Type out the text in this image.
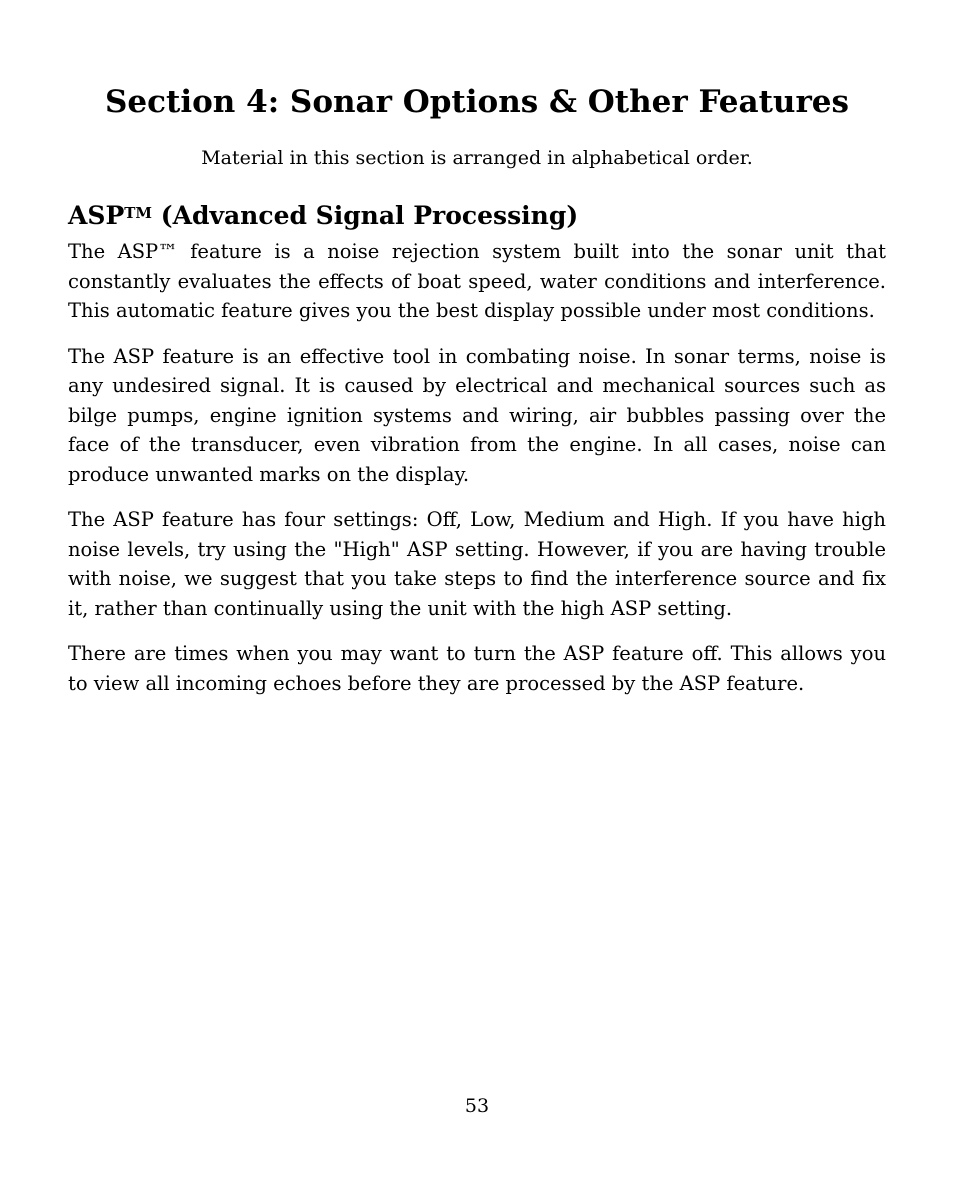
Section 4: Sonar Options & Other Features

Material in this section is arranged in alphabetical order.

ASP™ (Advanced Signal Processing)

The ASP™ feature is a noise rejection system built into the sonar unit that constantly evaluates the effects of boat speed, water conditions and interference. This automatic feature gives you the best display possible under most conditions.

The ASP feature is an effective tool in combating noise. In sonar terms, noise is any undesired signal. It is caused by electrical and mechanical sources such as bilge pumps, engine ignition systems and wiring, air bubbles passing over the face of the transducer, even vibration from the engine. In all cases, noise can produce unwanted marks on the display.

The ASP feature has four settings: Off, Low, Medium and High. If you have high noise levels, try using the "High" ASP setting. However, if you are having trouble with noise, we suggest that you take steps to find the interference source and fix it, rather than continually using the unit with the high ASP setting.

There are times when you may want to turn the ASP feature off. This allows you to view all incoming echoes before they are processed by the ASP feature.

53
